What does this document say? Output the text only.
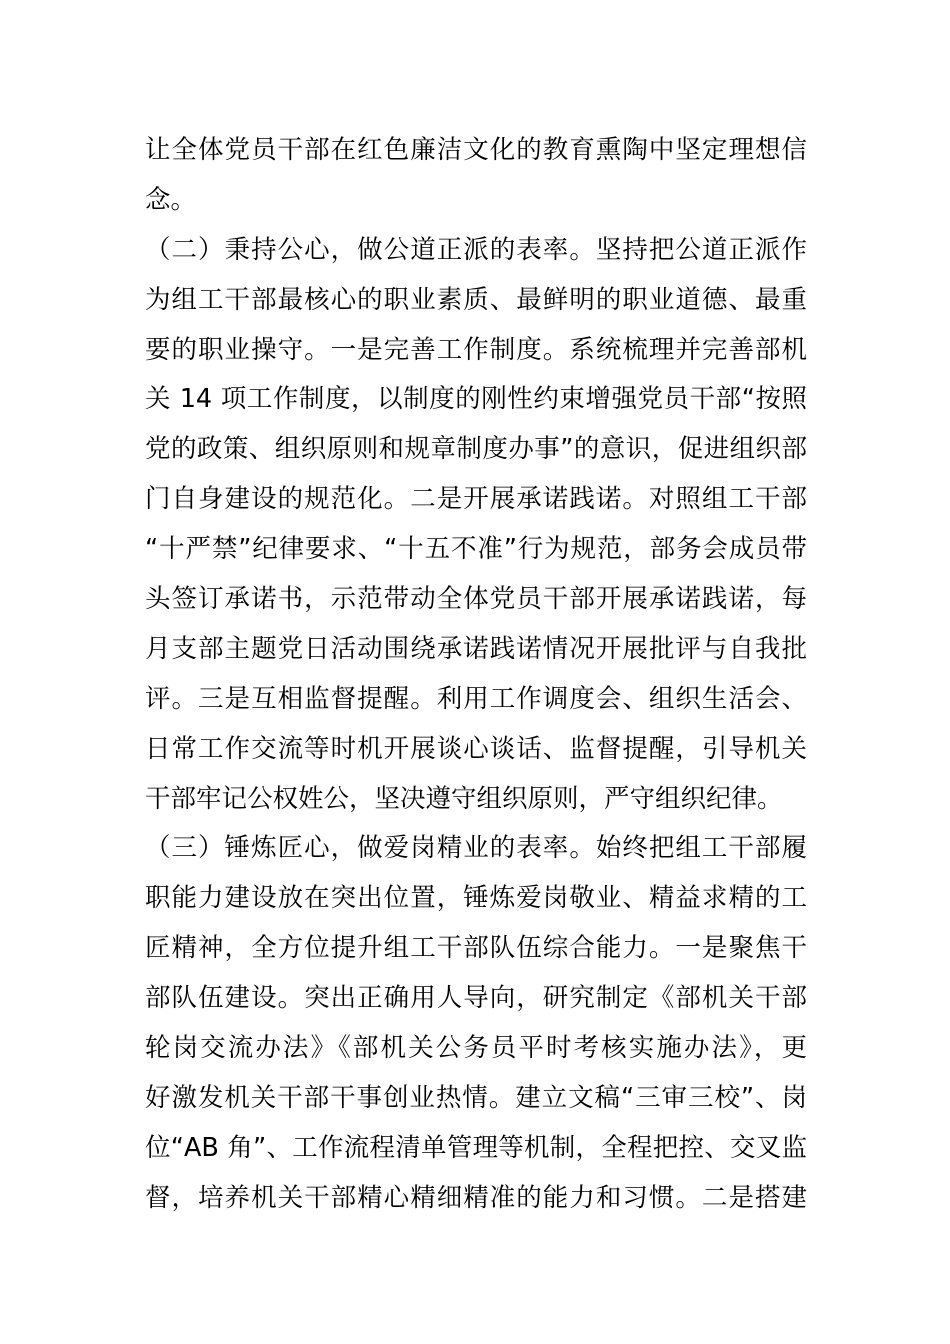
让全体党员干部在红色廉洁文化的教育熏陶中坚定理想信
念。
（二）秉持公心，做公道正派的表率。坚持把公道正派作
为组工干部最核心的职业素质、最鲜明的职业道德、最重
要的职业操守。一是完善工作制度。系统梳理并完善部机
关 14 项工作制度，以制度的刚性约束增强党员干部“按照
党的政策、组织原则和规章制度办事”的意识，促进组织部
门自身建设的规范化。二是开展承诺践诺。对照组工干部
“十严禁”纪律要求、“十五不准”行为规范，部务会成员带
头签订承诺书，示范带动全体党员干部开展承诺践诺，每
月支部主题党日活动围绕承诺践诺情况开展批评与自我批
评。三是互相监督提醒。利用工作调度会、组织生活会、
日常工作交流等时机开展谈心谈话、监督提醒，引导机关
干部牢记公权姓公，坚决遵守组织原则，严守组织纪律。
（三）锤炼匠心，做爱岗精业的表率。始终把组工干部履
职能力建设放在突出位置，锤炼爱岗敬业、精益求精的工
匠精神，全方位提升组工干部队伍综合能力。一是聚焦干
部队伍建设。突出正确用人导向，研究制定《部机关干部
轮岗交流办法》《部机关公务员平时考核实施办法》，更
好激发机关干部干事创业热情。建立文稿“三审三校”、岗
位“AB 角”、工作流程清单管理等机制，全程把控、交叉监
督，培养机关干部精心精细精准的能力和习惯。二是搭建
